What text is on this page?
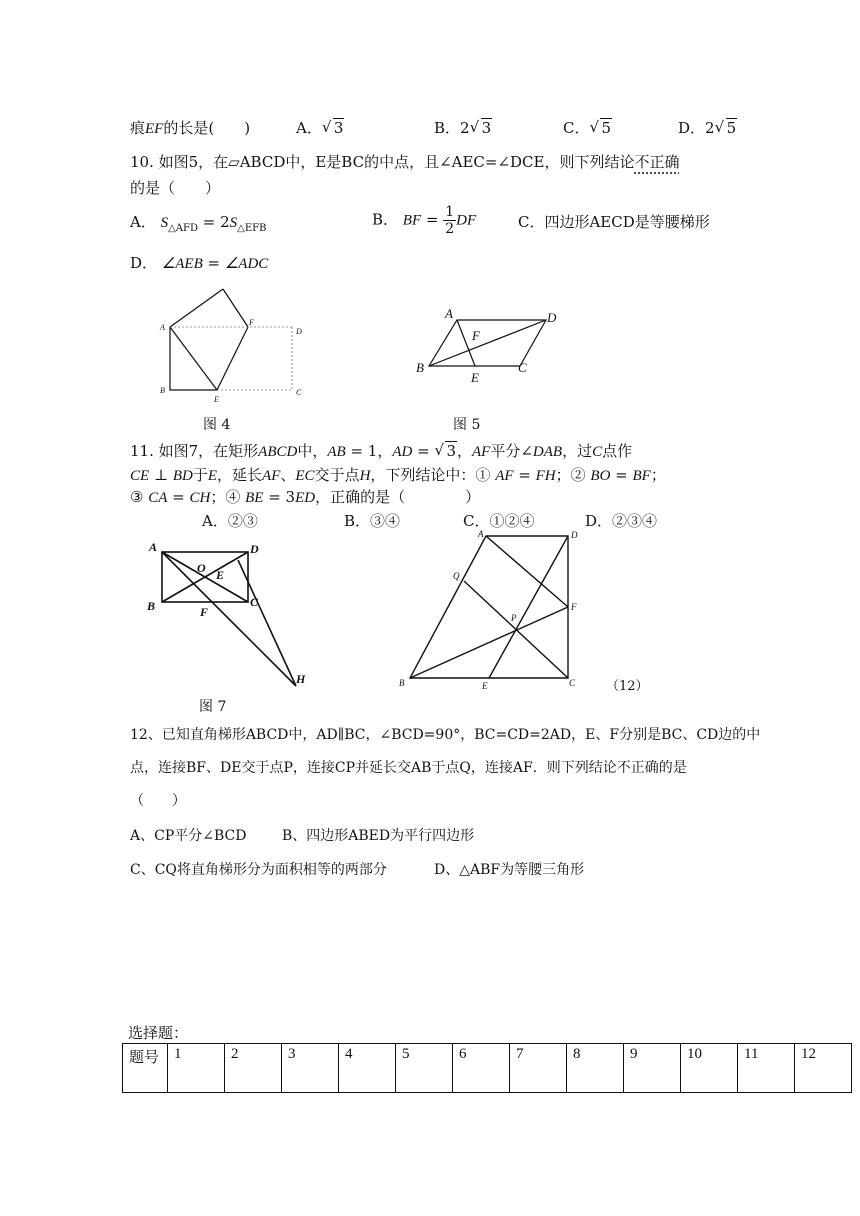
痕EF的长是(　　)	A． √ 3	B．2 √ 3	C． √ 5	D．2 √ 5
10. 如图5，在▱ABCD中，E是BC的中点，且∠AEC=∠DCE，则下列结论不正确
的是（　　）
A． $S_{\triangle AFD} = 2S_{\triangle EFB}$	B． BF = $\frac{1}{2}$ DF	C．四边形AECD是等腰梯形
D． ∠AEB = ∠ADC
A
F
D
B
E
C
图 4
A	D
F
B
E
C
图 5
11. 如图7，在矩形ABCD中，AB = 1，AD = √ 3，AF平分∠DAB，过C点作
CE ⊥ BD于E，延长AF、EC交于点H，下列结论中：① AF = FH；② BO = BF；
③ CA = CH；④ BE = 3ED，正确的是（　　　　）
A．②③	B．③④	C．①②④	D．②③④
A	D
O E
B	F
C
H
图 7
A	D
Q
F
P
B	E	C （12）
12、已知直角梯形ABCD中，AD∥BC，∠BCD=90°，BC=CD=2AD，E、F分别是BC、CD边的中
点，连接BF、DE交于点P，连接CP并延长交AB于点Q，连接AF．则下列结论不正确的是
（　　）
A、CP平分∠BCD	B、四边形ABED为平行四边形
C、CQ将直角梯形分为面积相等的两部分	D、△ABF为等腰三角形
选择题：
题号	1	2	3	4	5	6	7	8	9	10	11	12
